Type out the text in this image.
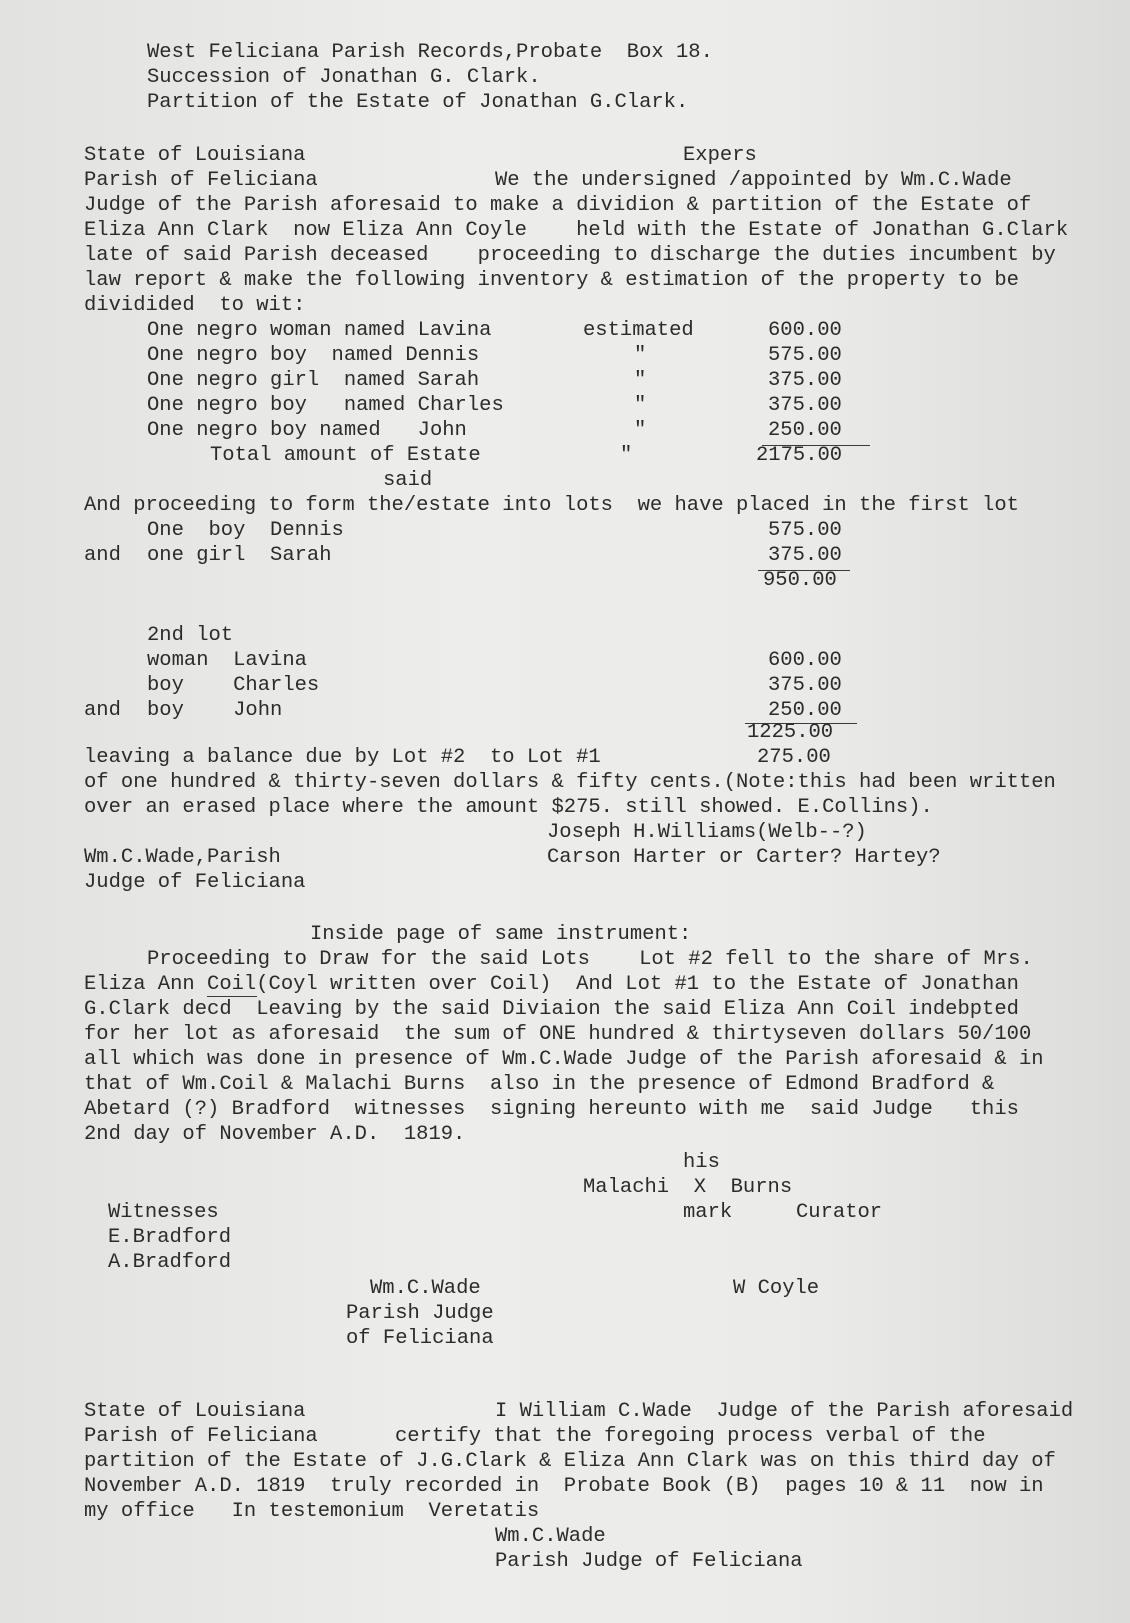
West Feliciana Parish Records,Probate  Box 18.
Succession of Jonathan G. Clark.
Partition of the Estate of Jonathan G.Clark.
State of Louisiana	Expers
Parish of Feliciana	We the undersigned /appointed by Wm.C.Wade
Judge of the Parish aforesaid to make a dividion & partition of the Estate of
Eliza Ann Clark  now Eliza Ann Coyle    held with the Estate of Jonathan G.Clark
late of said Parish deceased    proceeding to discharge the duties incumbent by
law report & make the following inventory & estimation of the property to be
dividided  to wit:
One negro woman named Lavina	estimated	600.00
One negro boy  named Dennis	"	575.00
One negro girl  named Sarah	"	375.00
One negro boy   named Charles	"	375.00
One negro boy named   John	"	250.00
Total amount of Estate	"	2175.00
said
And proceeding to form the/estate into lots  we have placed in the first lot
One  boy  Dennis	575.00
and one girl  Sarah	375.00
950.00
2nd lot
woman  Lavina	600.00
boy    Charles	375.00
and boy    John	250.00
1225.00
leaving a balance due by Lot #2  to Lot #1	275.00
of one hundred & thirty-seven dollars & fifty cents.(Note:this had been written
over an erased place where the amount $275. still showed. E.Collins).
Joseph H.Williams(Welb--?)
Wm.C.Wade,Parish	Carson Harter or Carter? Hartey?
Judge of Feliciana
Inside page of same instrument:
Proceeding to Draw for the said Lots    Lot #2 fell to the share of Mrs.
Eliza Ann Coil(Coyl written over Coil)  And Lot #1 to the Estate of Jonathan
G.Clark decd  Leaving by the said Diviaion the said Eliza Ann Coil indebpted
for her lot as aforesaid  the sum of ONE hundred & thirtyseven dollars 50/100
all which was done in presence of Wm.C.Wade Judge of the Parish aforesaid & in
that of Wm.Coil & Malachi Burns  also in the presence of Edmond Bradford &
Abetard (?) Bradford  witnesses  signing hereunto with me  said Judge   this
2nd day of November A.D.  1819.
his
Malachi  X  Burns
mark	Curator
Witnesses
E.Bradford
A.Bradford
Wm.C.Wade
Parish Judge
of Feliciana
W Coyle
State of Louisiana	I William C.Wade  Judge of the Parish aforesaid
Parish of Feliciana	certify that the foregoing process verbal of the
partition of the Estate of J.G.Clark & Eliza Ann Clark was on this third day of
November A.D. 1819  truly recorded in  Probate Book (B)  pages 10 & 11  now in
my office   In testemonium  Veretatis
Wm.C.Wade
Parish Judge of Feliciana
